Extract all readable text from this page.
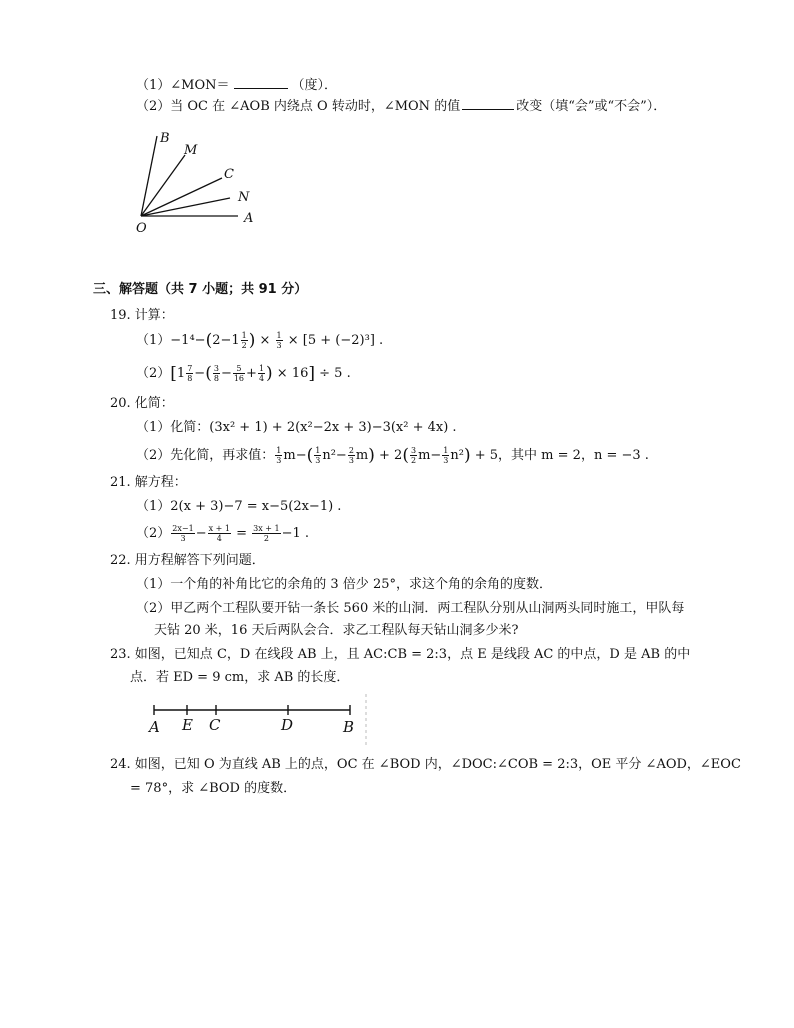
（1）∠MON＝	（度）．
（2）当 OC 在 ∠AOB 内绕点 O 转动时，∠MON 的值	改变（填“会”或“不会”）．
B
M
C
N
A
O
三、解答题（共 7 小题；共 91 分）
19. 计算：
$(1)-1^4-(2-1 \frac{1}{2}$ ) × $\frac{1}{3} \times [5 + (-2)^3]$ .
$(2)[1 \frac{7}{8}$ −( $\frac{3}{8} - \frac{5}{16} + \frac{1}{4}$ ) × 16] ÷ 5 .
20. 化简：
（1）化简：(3x² + 1) + 2(x²−2x + 3)−3(x² + 4x) .
（2）先化简，再求值： $\frac{1}{3} m-( \frac{1}{3} n^2- \frac{2}{3} m) + 2( \frac{3}{2} m- \frac{1}{3} n^2) + 5$，其中 m = 2，n = −3 .
21. 解方程：
（1）2(x + 3)−7 = x−5(2x−1) .
$(2) \frac{2x-1}{3} - \frac{x + 1}{4} = \frac{3x + 1}{2} -1$ .
22. 用方程解答下列问题．
（1）一个角的补角比它的余角的 3 倍少 25°，求这个角的余角的度数．
（2）甲乙两个工程队要开钻一条长 560 米的山洞．两工程队分别从山洞两头同时施工，甲队每
天钻 20 米，16 天后两队会合．求乙工程队每天钻山洞多少米?
23. 如图，已知点 C，D 在线段 AB 上，且 AC:CB = 2:3，点 E 是线段 AC 的中点，D 是 AB 的中
点．若 ED = 9 cm，求 AB 的长度．
A E C	D	B
24. 如图，已知 O 为直线 AB 上的点，OC 在 ∠BOD 内，∠DOC:∠COB = 2:3，OE 平分 ∠AOD，∠EOC
= 78°，求 ∠BOD 的度数．
